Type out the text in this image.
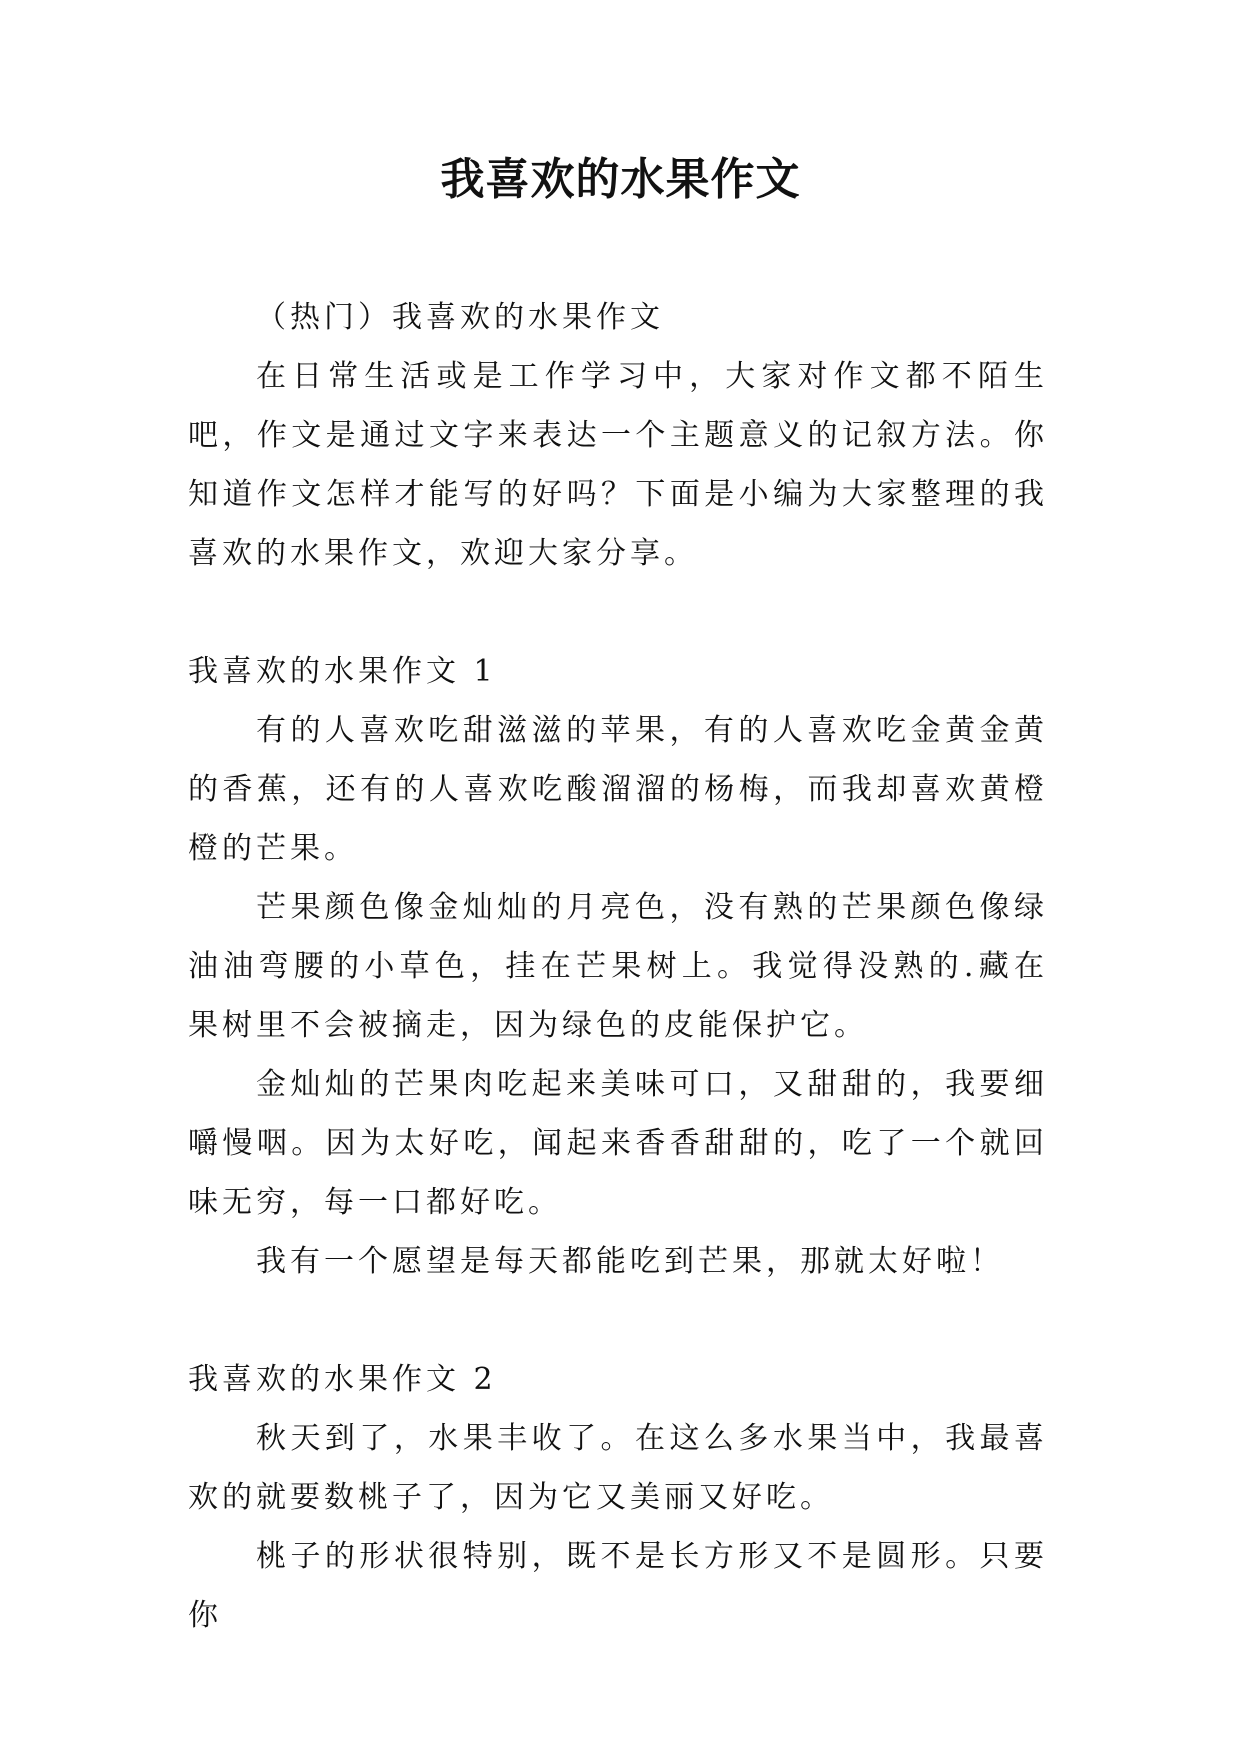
我喜欢的水果作文

（热门）我喜欢的水果作文

在日常生活或是工作学习中，大家对作文都不陌生吧，作文是通过文字来表达一个主题意义的记叙方法。你知道作文怎样才能写的好吗？下面是小编为大家整理的我喜欢的水果作文，欢迎大家分享。

我喜欢的水果作文 1

有的人喜欢吃甜滋滋的苹果，有的人喜欢吃金黄金黄的香蕉，还有的人喜欢吃酸溜溜的杨梅，而我却喜欢黄橙橙的芒果。

芒果颜色像金灿灿的月亮色，没有熟的芒果颜色像绿油油弯腰的小草色，挂在芒果树上。我觉得没熟的.藏在果树里不会被摘走，因为绿色的皮能保护它。

金灿灿的芒果肉吃起来美味可口，又甜甜的，我要细嚼慢咽。因为太好吃，闻起来香香甜甜的，吃了一个就回味无穷，每一口都好吃。

我有一个愿望是每天都能吃到芒果，那就太好啦！

我喜欢的水果作文 2

秋天到了，水果丰收了。在这么多水果当中，我最喜欢的就要数桃子了，因为它又美丽又好吃。

桃子的形状很特别，既不是长方形又不是圆形。只要你
